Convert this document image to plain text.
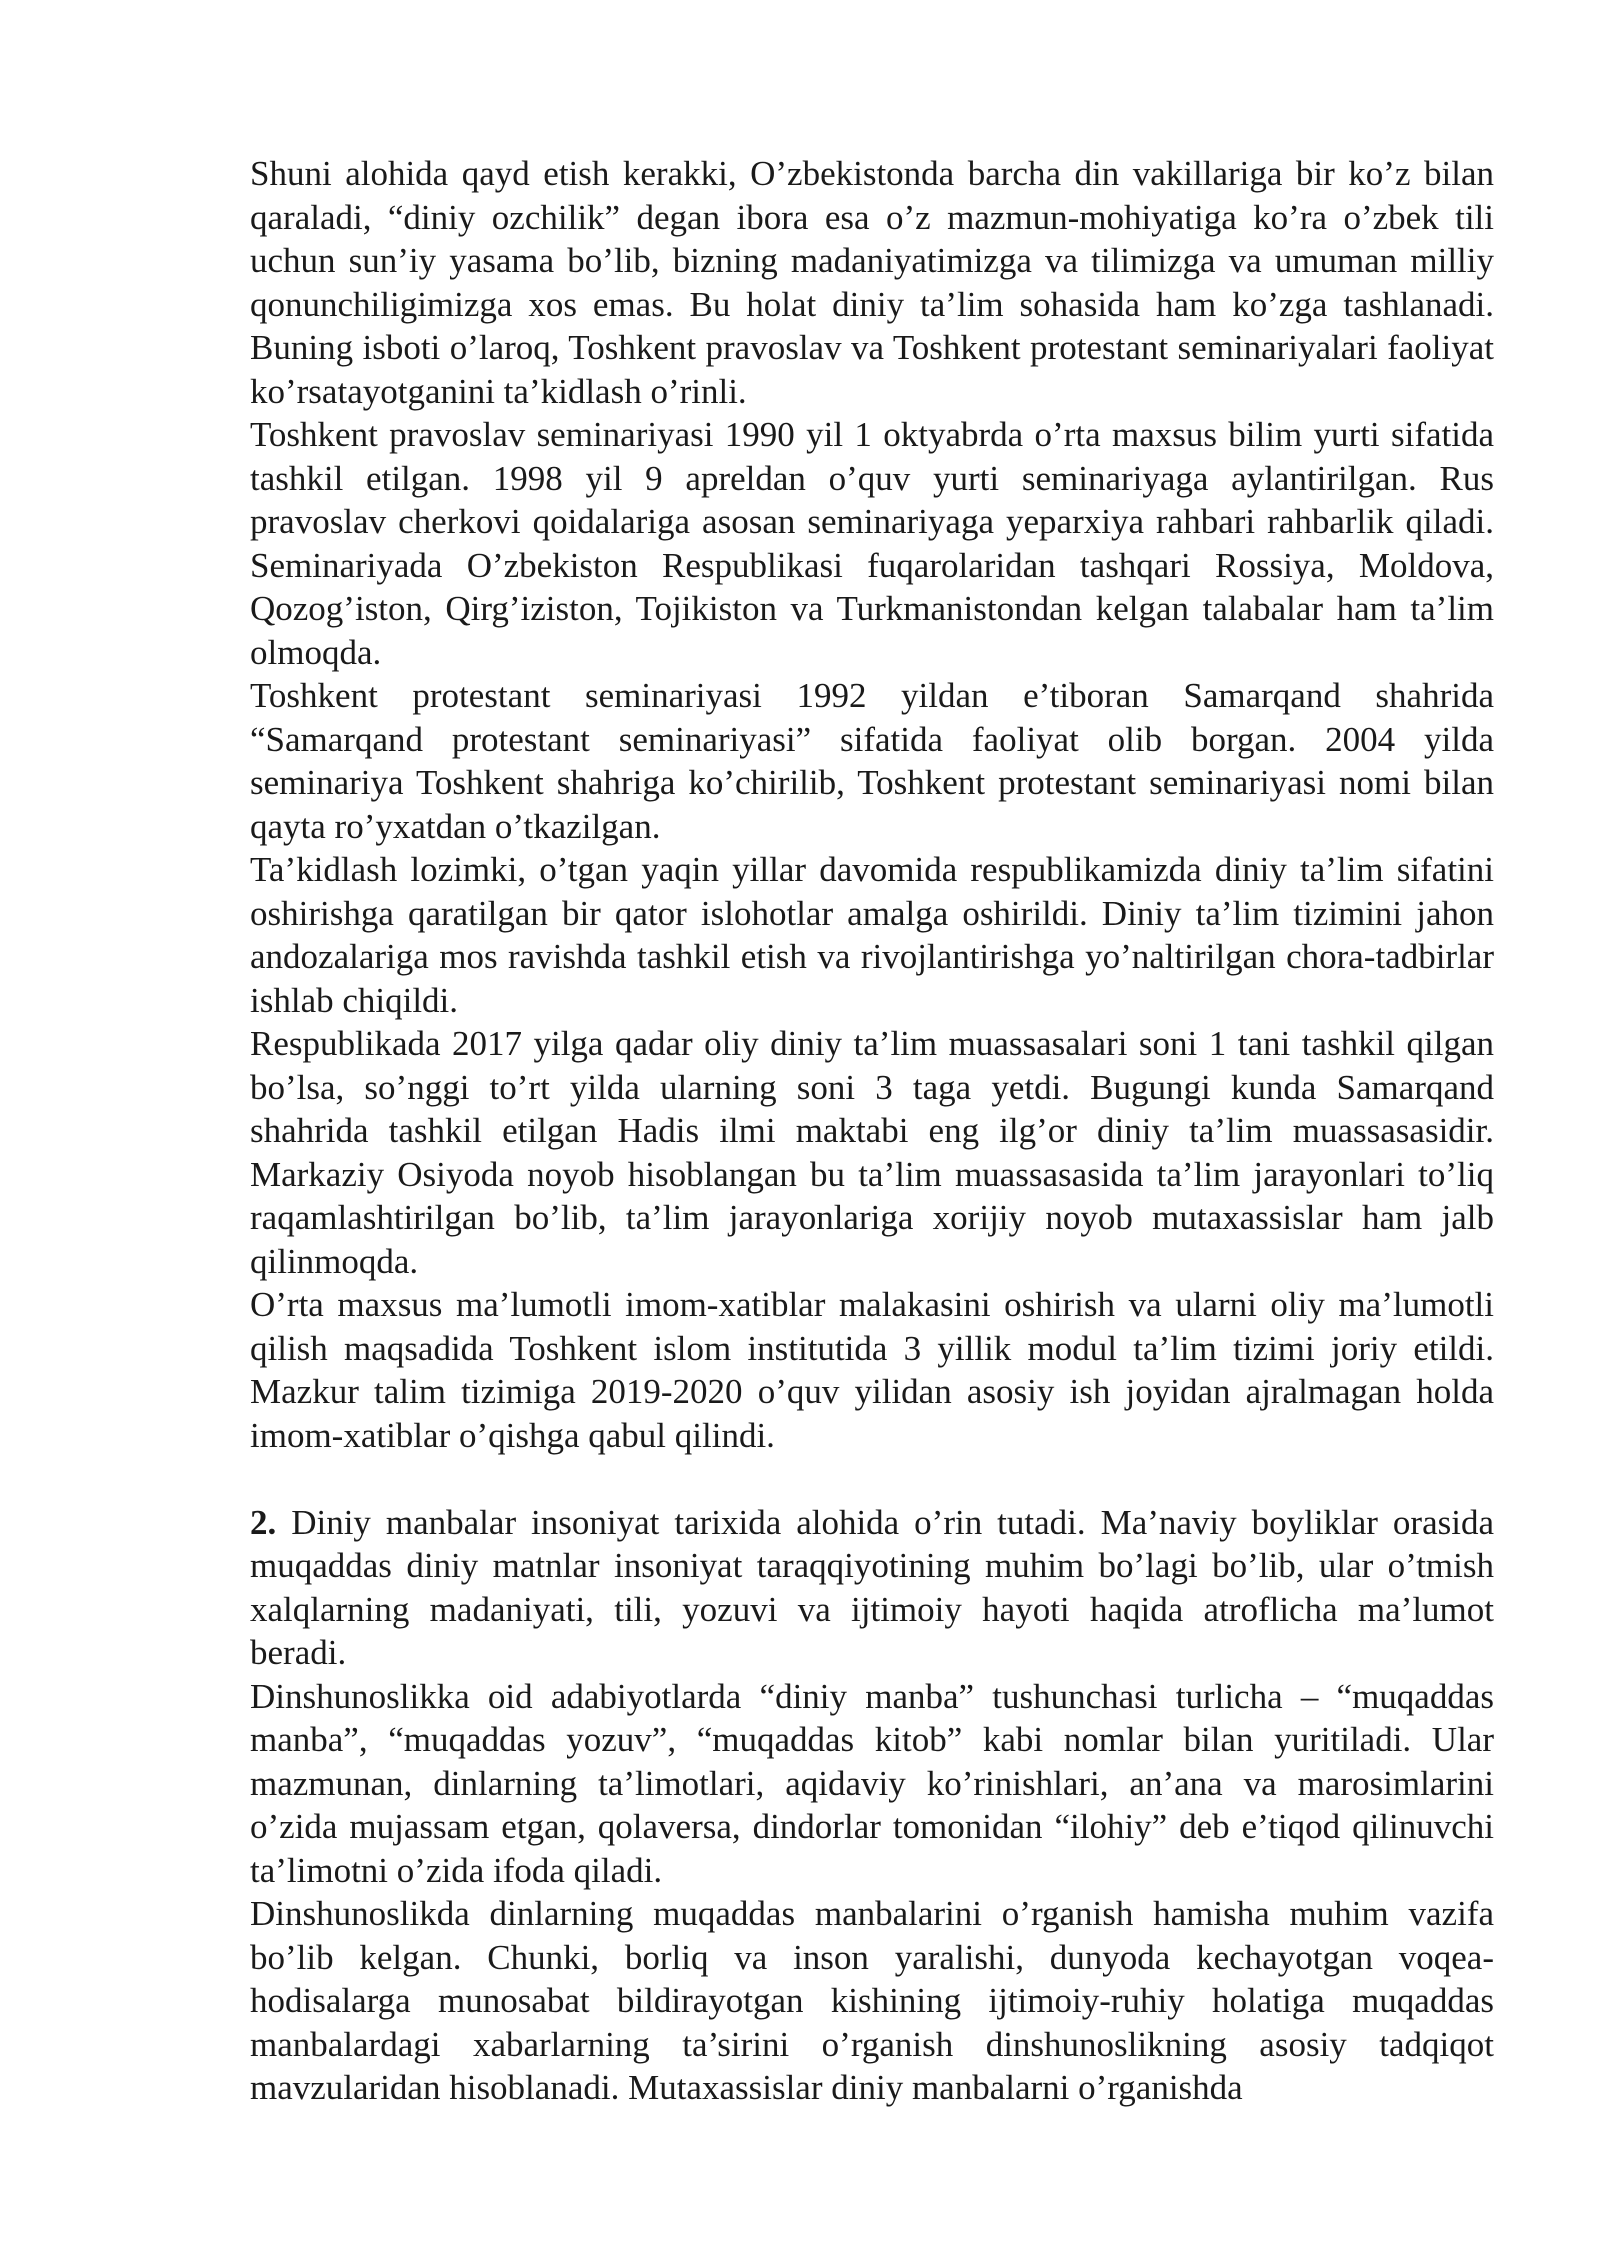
Shuni alohida qayd etish kerakki, O’zbekistonda barcha din vakillariga bir ko’z bilan qaraladi, “diniy ozchilik” degan ibora esa o’z mazmun-mohiyatiga ko’ra o’zbek tili uchun sun’iy yasama bo’lib, bizning madaniyatimizga va tilimizga va umuman milliy qonunchiligimizga xos emas. Bu holat diniy ta’lim sohasida ham ko’zga tashlanadi. Buning isboti o’laroq, Toshkent pravoslav va Toshkent protestant seminariyalari faoliyat ko’rsatayotganini ta’kidlash o’rinli.

Toshkent pravoslav seminariyasi 1990 yil 1 oktyabrda o’rta maxsus bilim yurti sifatida tashkil etilgan. 1998 yil 9 apreldan o’quv yurti seminariyaga aylantirilgan. Rus pravoslav cherkovi qoidalariga asosan seminariyaga yeparxiya rahbari rahbarlik qiladi. Seminariyada O’zbekiston Respublikasi fuqarolaridan tashqari Rossiya, Moldova, Qozog’iston, Qirg’iziston, Tojikiston va Turkmanistondan kelgan talabalar ham ta’lim olmoqda.

Toshkent protestant seminariyasi 1992 yildan e’tiboran Samarqand shahrida “Samarqand protestant seminariyasi” sifatida faoliyat olib borgan. 2004 yilda seminariya Toshkent shahriga ko’chirilib, Toshkent protestant seminariyasi nomi bilan qayta ro’yxatdan o’tkazilgan.

Ta’kidlash lozimki, o’tgan yaqin yillar davomida respublikamizda diniy ta’lim sifatini oshirishga qaratilgan bir qator islohotlar amalga oshirildi. Diniy ta’lim tizimini jahon andozalariga mos ravishda tashkil etish va rivojlantirishga yo’naltirilgan chora-tadbirlar ishlab chiqildi.

Respublikada 2017 yilga qadar oliy diniy ta’lim muassasalari soni 1 tani tashkil qilgan bo’lsa, so’nggi to’rt yilda ularning soni 3 taga yetdi. Bugungi kunda Samarqand shahrida tashkil etilgan Hadis ilmi maktabi eng ilg’or diniy ta’lim muassasasidir. Markaziy Osiyoda noyob hisoblangan bu ta’lim muassasasida ta’lim jarayonlari to’liq raqamlashtirilgan bo’lib, ta’lim jarayonlariga xorijiy noyob mutaxassislar ham jalb qilinmoqda.

O’rta maxsus ma’lumotli imom-xatiblar malakasini oshirish va ularni oliy ma’lumotli qilish maqsadida Toshkent islom institutida 3 yillik modul ta’lim tizimi joriy etildi. Mazkur talim tizimiga 2019-2020 o’quv yilidan asosiy ish joyidan ajralmagan holda imom-xatiblar o’qishga qabul qilindi.

2. Diniy manbalar insoniyat tarixida alohida o’rin tutadi. Ma’naviy boyliklar orasida muqaddas diniy matnlar insoniyat taraqqiyotining muhim bo’lagi bo’lib, ular o’tmish xalqlarning madaniyati, tili, yozuvi va ijtimoiy hayoti haqida atroflicha ma’lumot beradi.

Dinshunoslikka oid adabiyotlarda “diniy manba” tushunchasi turlicha – “muqaddas manba”, “muqaddas yozuv”, “muqaddas kitob” kabi nomlar bilan yuritiladi. Ular mazmunan, dinlarning ta’limotlari, aqidaviy ko’rinishlari, an’ana va marosimlarini o’zida mujassam etgan, qolaversa, dindorlar tomonidan “ilohiy” deb e’tiqod qilinuvchi ta’limotni o’zida ifoda qiladi.

Dinshunoslikda dinlarning muqaddas manbalarini o’rganish hamisha muhim vazifa bo’lib kelgan. Chunki, borliq va inson yaralishi, dunyoda kechayotgan voqea-hodisalarga munosabat bildirayotgan kishining ijtimoiy-ruhiy holatiga muqaddas manbalardagi xabarlarning ta’sirini o’rganish dinshunoslikning asosiy tadqiqot mavzularidan hisoblanadi. Mutaxassislar diniy manbalarni o’rganishda
